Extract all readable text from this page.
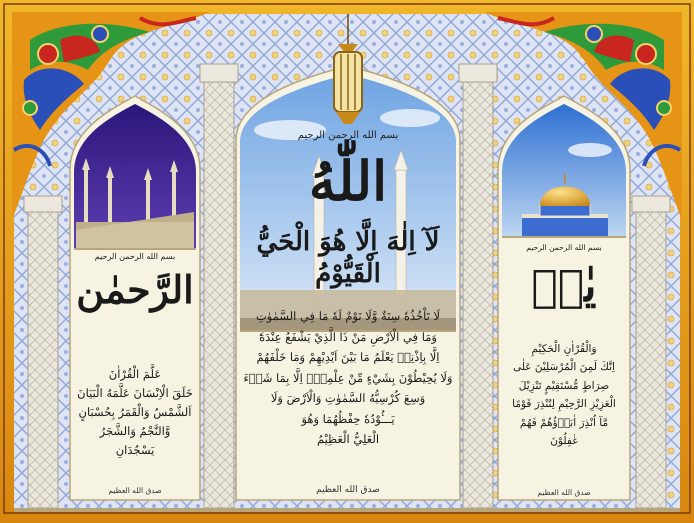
بسم الله الرحمن الرحیم
الرَّحمٰن
عَلَّمَ الْقُرْاٰنَ
خَلَقَ الْاِنْسَانَ عَلَّمَهُ الْبَيَانَ
اَلشَّمْسُ وَالْقَمَرُ بِحُسْبَانٍ
وَّالنَّجْمُ وَالشَّجَرُ
يَسْجُدَانِ
صدق الله العظیم
بسم الله الرحمن الرحیم
اللّٰهُ
لَآ اِلٰهَ اِلَّا هُوَ الْحَيُّ الْقَيُّوْمُ
لَا تَاْخُذُهٗ سِنَةٌ وَّلَا نَوْمٌ لَهٗ مَا فِي السَّمٰوٰتِ
وَمَا فِي الْاَرْضِ مَنْ ذَا الَّذِيْ يَشْفَعُ عِنْدَهٗٓ
اِلَّا بِاِذْنِهٖ يَعْلَمُ مَا بَيْنَ اَيْدِيْهِمْ وَمَا خَلْفَهُمْ
وَلَا يُحِيْطُوْنَ بِشَيْءٍ مِّنْ عِلْمِهٖٓ اِلَّا بِمَا شَاۗءَ
وَسِعَ كُرْسِيُّهُ السَّمٰوٰتِ وَالْاَرْضَ وَلَا
يَـــُٔوْدُهٗ حِفْظُهُمَا وَهُوَ
الْعَلِيُّ الْعَظِيْمُ
صدق الله العظیم
بسم الله الرحمن الرحیم
يٰسۗ
وَالْقُرْاٰنِ الْحَكِيْمِ
اِنَّكَ لَمِنَ الْمُرْسَلِيْنَ عَلٰى
صِرَاطٍ مُّسْتَقِيْمٍ تَنْزِيْلَ
الْعَزِيْزِ الرَّحِيْمِ لِتُنْذِرَ قَوْمًا
مَّآ اُنْذِرَ اٰبَاۗؤُهُمْ فَهُمْ
غٰفِلُوْنَ
صدق الله العظیم
